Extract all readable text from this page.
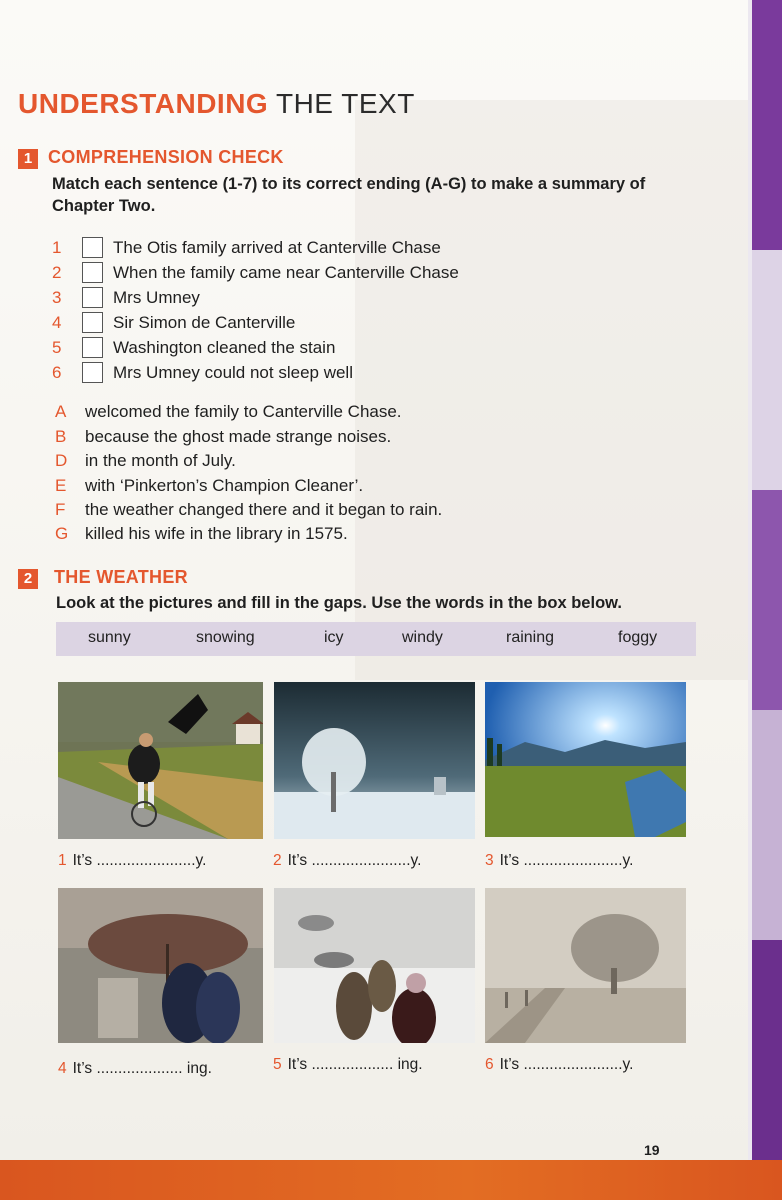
UNDERSTANDING THE TEXT
1 COMPREHENSION CHECK
Match each sentence (1-7) to its correct ending (A-G) to make a summary of Chapter Two.
1	The Otis family arrived at Canterville Chase
2	When the family came near Canterville Chase
3	Mrs Umney
4	Sir Simon de Canterville
5	Washington cleaned the stain
6	Mrs Umney could not sleep well
A welcomed the family to Canterville Chase.
B because the ghost made strange noises.
D in the month of July.
E with ‘Pinkerton’s Champion Cleaner’.
F the weather changed there and it began to rain.
G killed his wife in the library in 1575.
2 THE WEATHER
Look at the pictures and fill in the gaps. Use the words in the box below.
sunny	snowing	icy	windy	raining	foggy
1 It’s .......................y.	2 It’s .......................y.	3 It’s .......................y.
4 It’s .................... ing.	5 It’s ................... ing.	6 It’s .......................y.
19
